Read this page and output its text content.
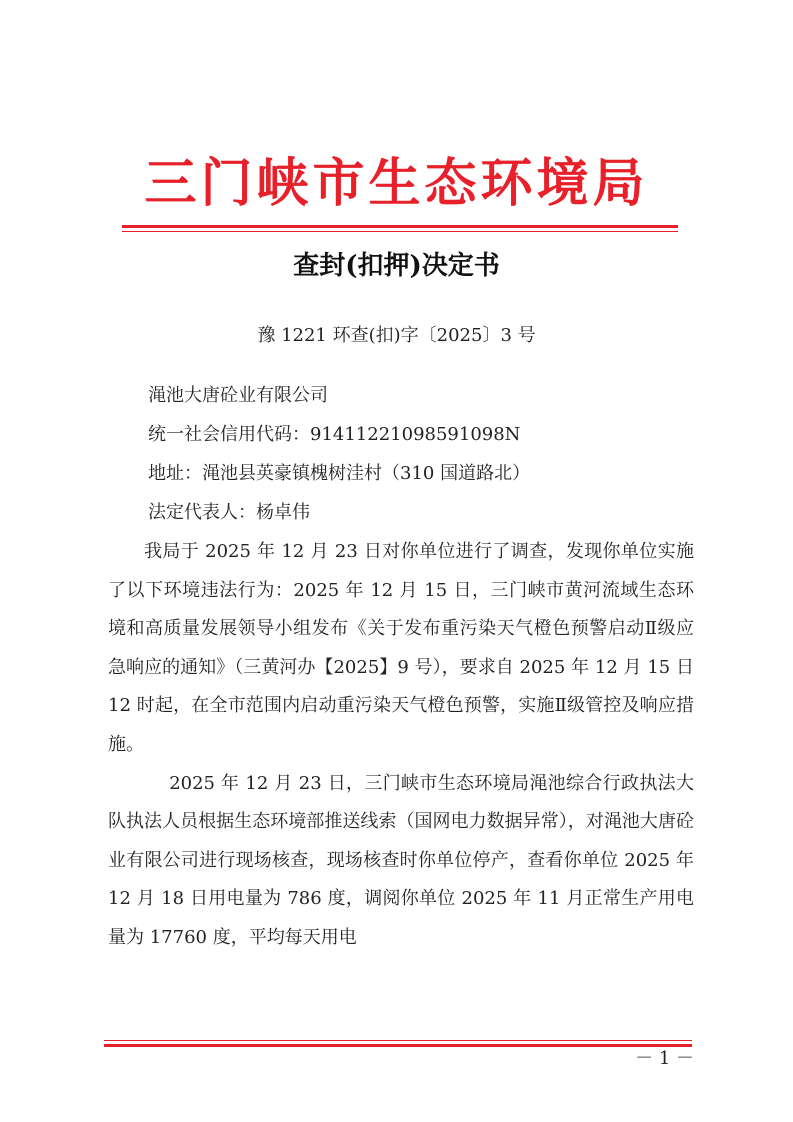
三门峡市生态环境局
查封(扣押)决定书
豫 1221 环查(扣)字〔2025〕3 号
渑池大唐砼业有限公司
统一社会信用代码：91411221098591098N
地址：渑池县英豪镇槐树洼村（310 国道路北）
法定代表人：杨卓伟

我局于 2025 年 12 月 23 日对你单位进行了调查，发现你单位实施了以下环境违法行为：2025 年 12 月 15 日，三门峡市黄河流域生态环境和高质量发展领导小组发布《关于发布重污染天气橙色预警启动Ⅱ级应急响应的通知》（三黄河办【2025】9 号），要求自 2025 年 12 月 15 日 12 时起，在全市范围内启动重污染天气橙色预警，实施Ⅱ级管控及响应措施。

2025 年 12 月 23 日，三门峡市生态环境局渑池综合行政执法大队执法人员根据生态环境部推送线索（国网电力数据异常），对渑池大唐砼业有限公司进行现场核查，现场核查时你单位停产，查看你单位 2025 年 12 月 18 日用电量为 786 度，调阅你单位 2025 年 11 月正常生产用电量为 17760 度，平均每天用电

－ 1 －
